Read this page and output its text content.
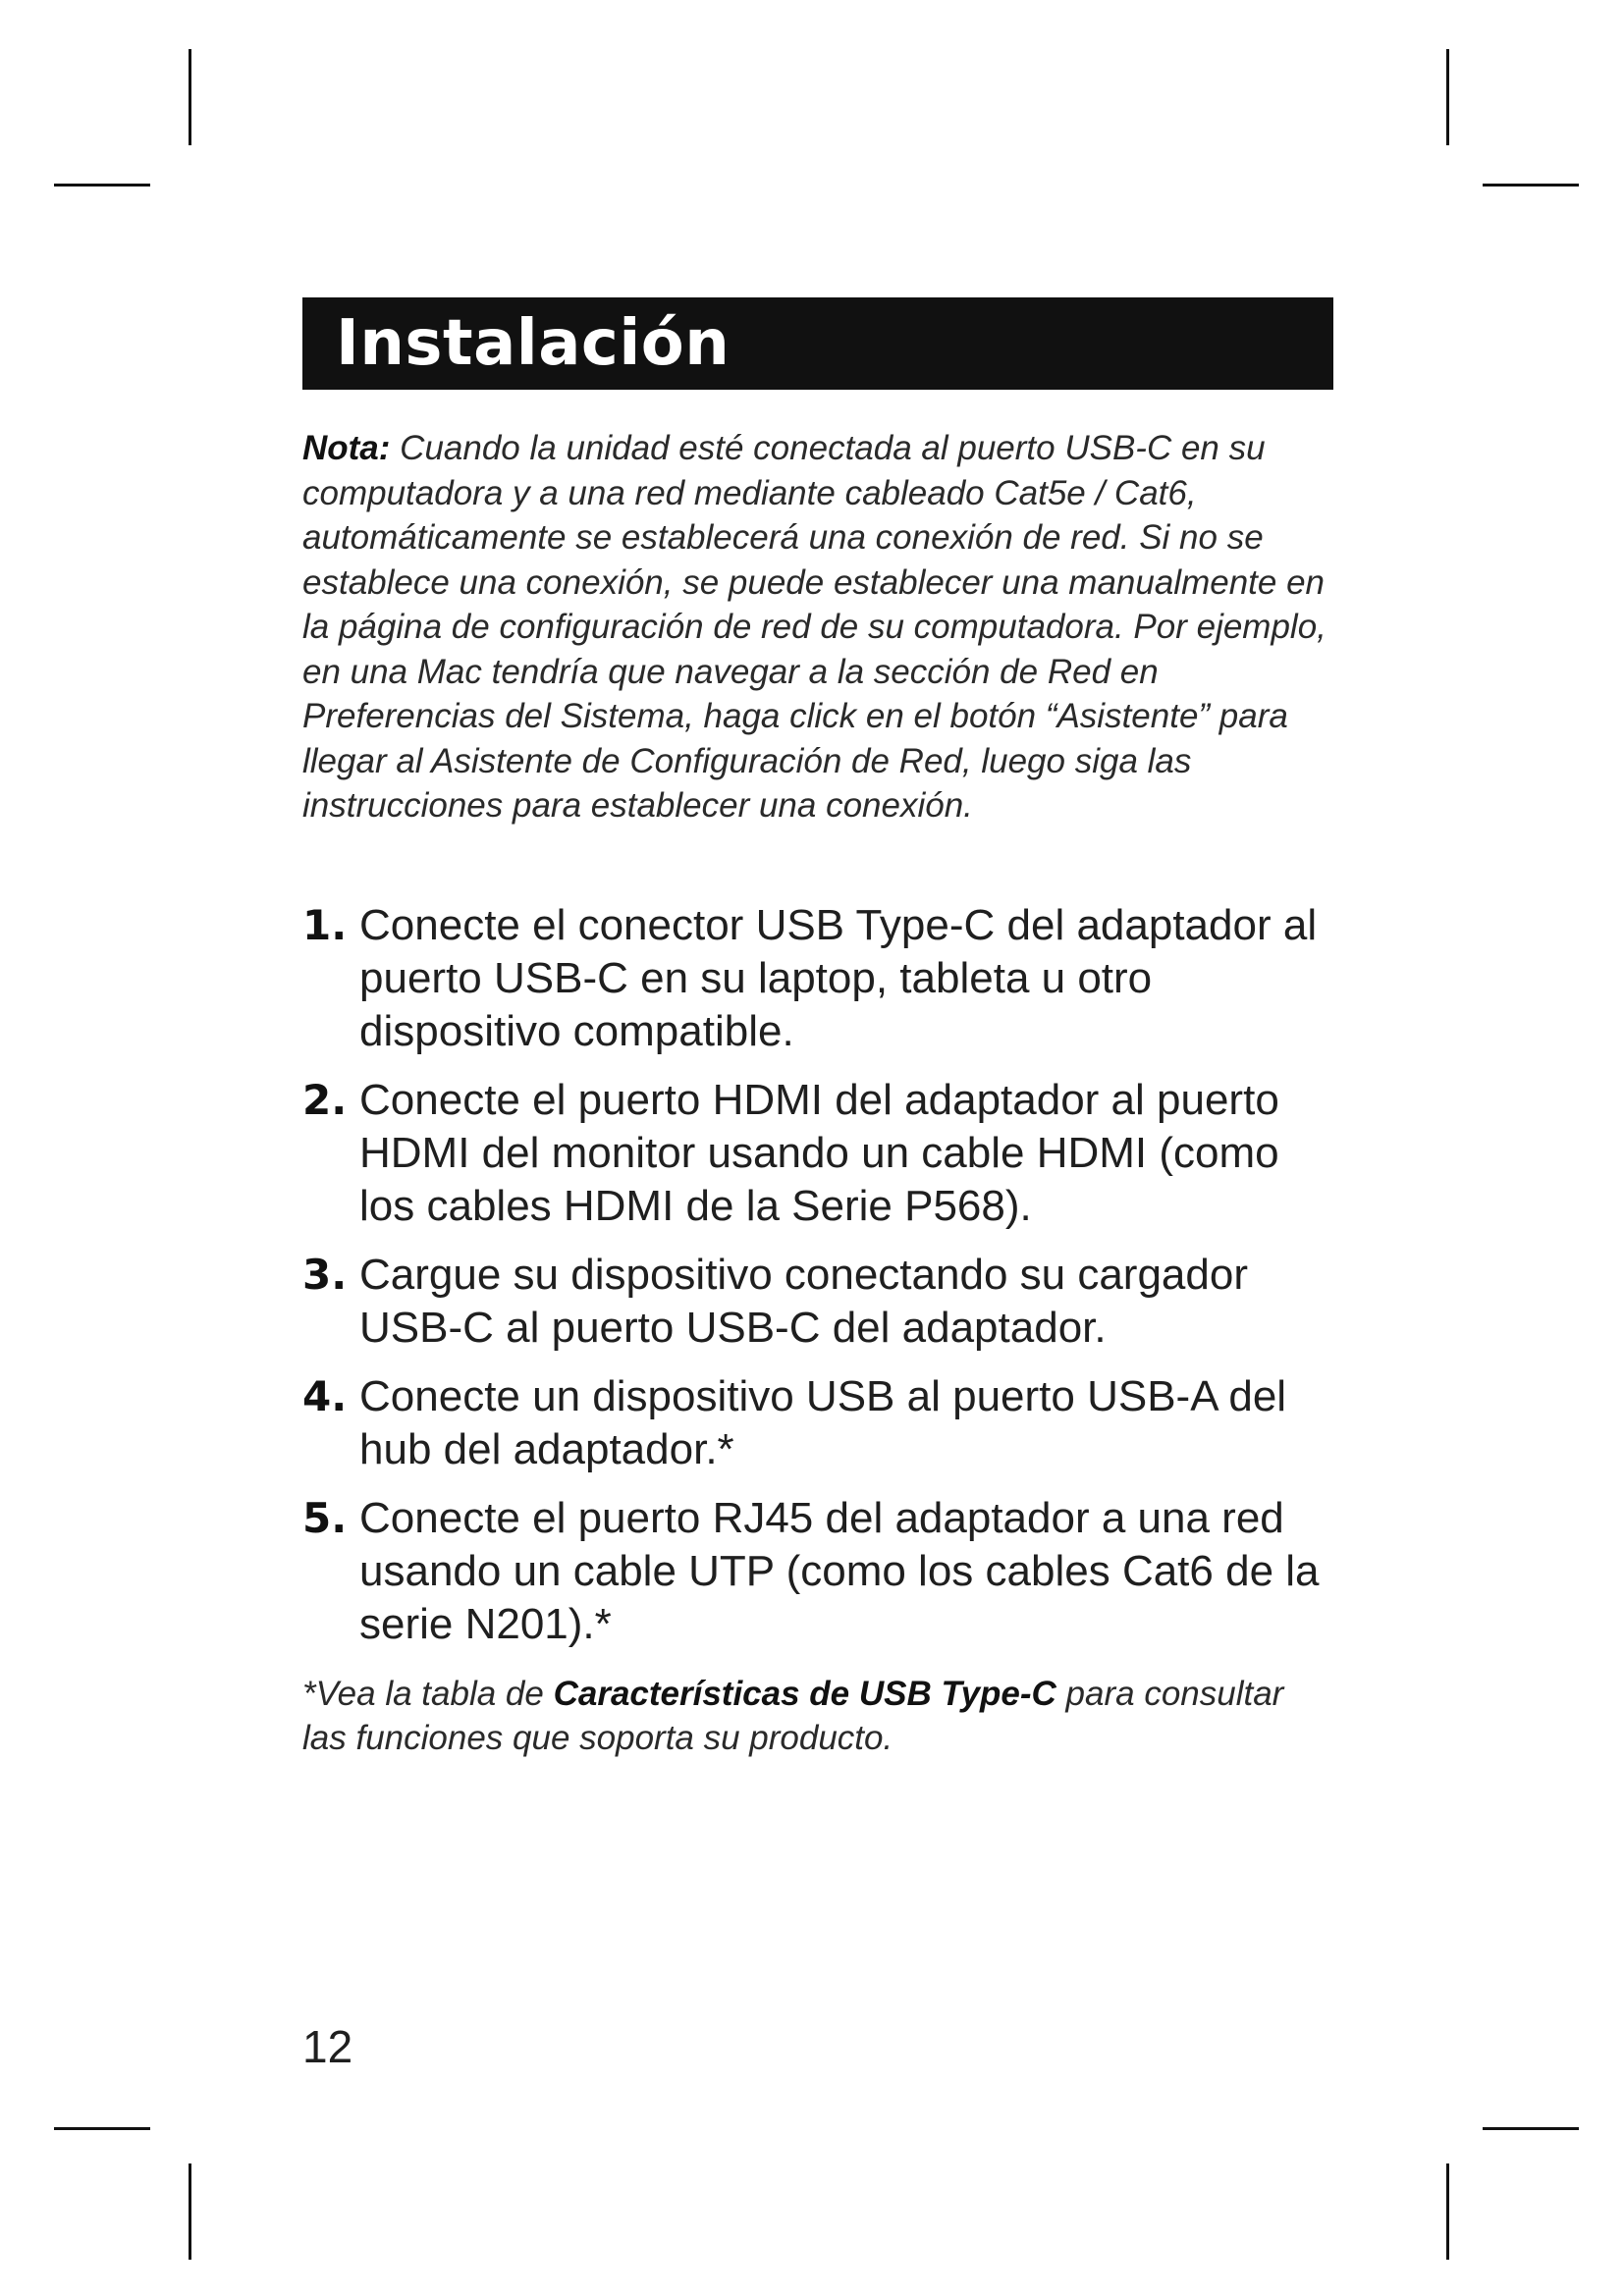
Instalación

Nota: Cuando la unidad esté conectada al puerto USB-C en su computadora y a una red mediante cableado Cat5e / Cat6, automáticamente se establecerá una conexión de red. Si no se establece una conexión, se puede establecer una manualmente en la página de configuración de red de su computadora. Por ejemplo, en una Mac tendría que navegar a la sección de Red en Preferencias del Sistema, haga click en el botón “Asistente” para llegar al Asistente de Configuración de Red, luego siga las instrucciones para establecer una conexión.

1. Conecte el conector USB Type-C del adaptador al puerto USB-C en su laptop, tableta u otro dispositivo compatible.
2. Conecte el puerto HDMI del adaptador al puerto HDMI del monitor usando un cable HDMI (como los cables HDMI de la Serie P568).
3. Cargue su dispositivo conectando su cargador USB-C al puerto USB-C del adaptador.
4. Conecte un dispositivo USB al puerto USB-A del hub del adaptador.*
5. Conecte el puerto RJ45 del adaptador a una red usando un cable UTP (como los cables Cat6 de la serie N201).*

*Vea la tabla de Características de USB Type-C para consultar las funciones que soporta su producto.

12
